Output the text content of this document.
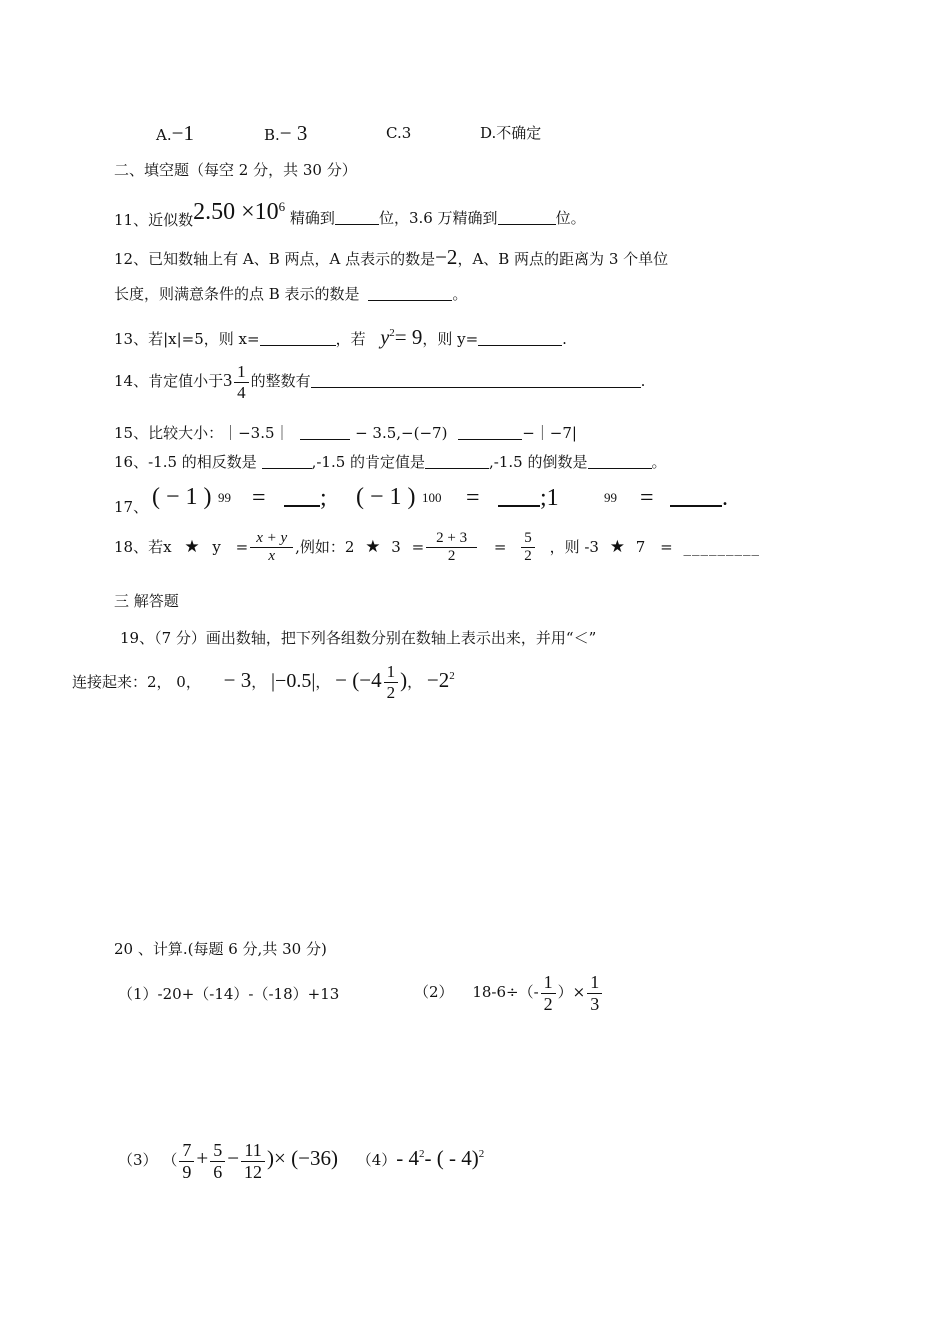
A.−1	B.− 3	C.3	D.不确定
二、填空题（每空 2 分，共 30 分）
11、近似数2.50 ×106 精确到	位，3.6 万精确到	位。
12、已知数轴上有 A、B 两点，A 点表示的数是−2，A、B 两点的距离为 3 个单位
长度，则满意条件的点 B 表示的数是	。
13、若|x|=5，则 x=	，若 $y^2= 9$，则 y=	.
14、肯定值小于$3 \frac{1}{4}$ 的整数有	.
15、比较大小：｜−3.5｜	− 3.5,−(−7)	−｜−7|
16、-1.5 的相反数是	,-1.5 的肯定值是	,-1.5 的倒数是	。
17、 ( − 1 ) 99 =	; ( − 1 ) 100 =	;1	99 =	.
18、若x ★ $y = \frac{x + y}{x}$ ,例如：2 ★ $3 = \frac{2 + 3}{2} = \frac{5}{2}$ ，则 -3 ★ 7 = _________
三 解答题
19、（7 分）画出数轴，把下列各组数分别在数轴上表示出来，并用“＜”
连接起来：2， 0， − 3， |−0.5|， − ($-4 \frac{1}{2}$ )， $-2^2$
20 、计算.(每题 6 分,共 30 分)
（1）-20+（-14）-（-18）+13	（2） $18-6\div(- \frac{1}{2}$ ）× $\frac{1}{3}$
（3） （ $\frac{7}{9} + \frac{5}{6} - \frac{11}{12}$ )× (−36) （4）- $4^2-$ ( - 4)$^2$
